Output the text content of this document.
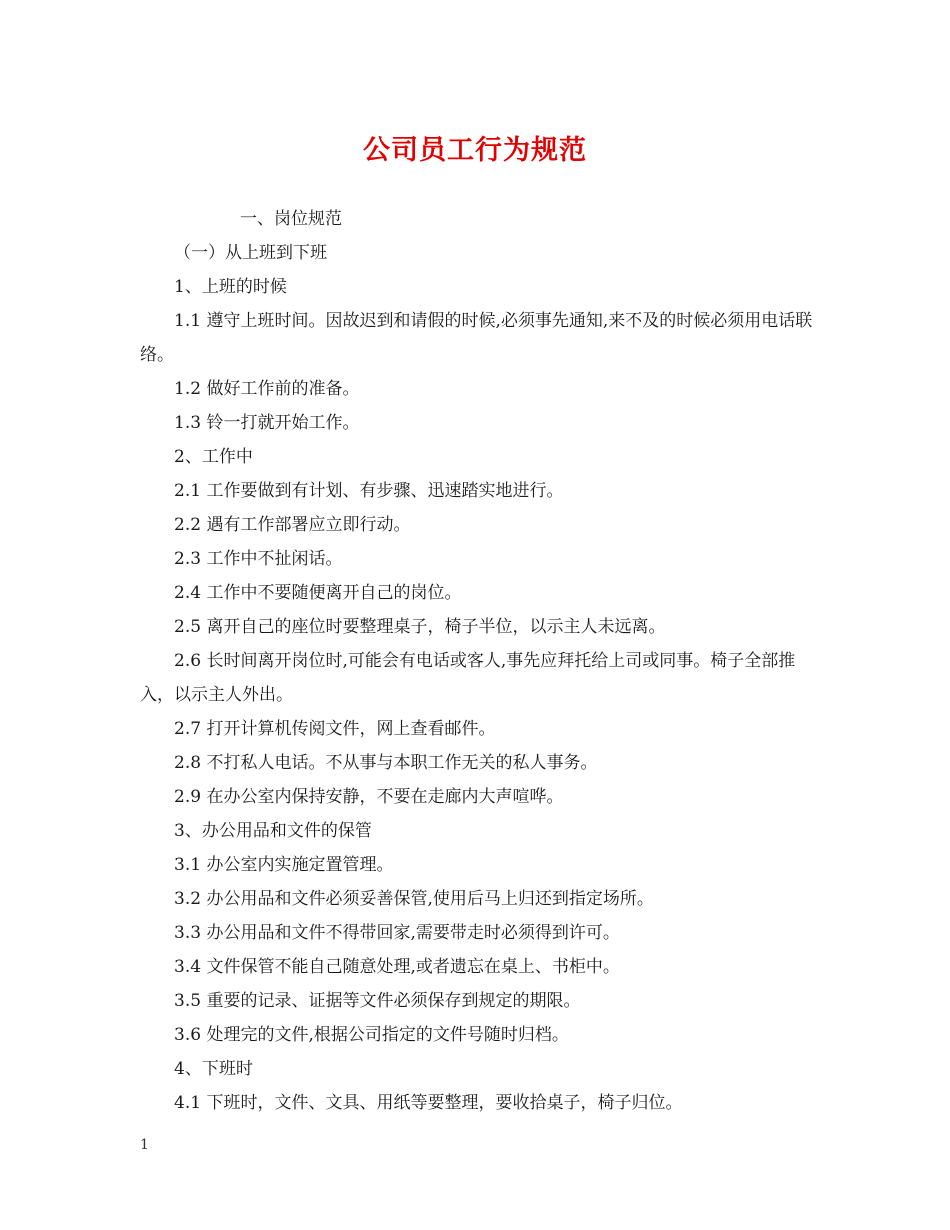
公司员工行为规范

一、岗位规范

（一）从上班到下班

1、上班的时候

1.1 遵守上班时间。因故迟到和请假的时候,必须事先通知,来不及的时候必须用电话联络。

1.2 做好工作前的准备。

1.3 铃一打就开始工作。

2、工作中

2.1 工作要做到有计划、有步骤、迅速踏实地进行。

2.2 遇有工作部署应立即行动。

2.3 工作中不扯闲话。

2.4 工作中不要随便离开自己的岗位。

2.5 离开自己的座位时要整理桌子，椅子半位，以示主人未远离。

2.6 长时间离开岗位时,可能会有电话或客人,事先应拜托给上司或同事。椅子全部推入，以示主人外出。

2.7 打开计算机传阅文件，网上查看邮件。

2.8 不打私人电话。不从事与本职工作无关的私人事务。

2.9 在办公室内保持安静，不要在走廊内大声喧哗。

3、办公用品和文件的保管

3.1 办公室内实施定置管理。

3.2 办公用品和文件必须妥善保管,使用后马上归还到指定场所。

3.3 办公用品和文件不得带回家,需要带走时必须得到许可。

3.4 文件保管不能自己随意处理,或者遗忘在桌上、书柜中。

3.5 重要的记录、证据等文件必须保存到规定的期限。

3.6 处理完的文件,根据公司指定的文件号随时归档。

4、下班时

4.1 下班时，文件、文具、用纸等要整理，要收拾桌子，椅子归位。

1
